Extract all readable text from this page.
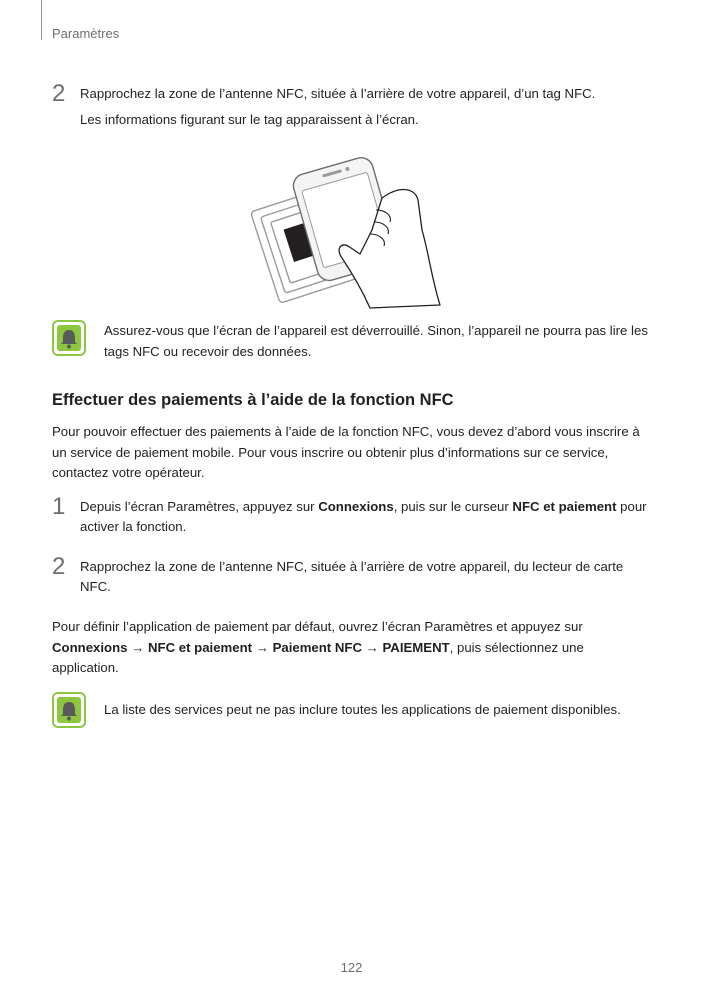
Paramètres
2 Rapprochez la zone de l’antenne NFC, située à l’arrière de votre appareil, d’un tag NFC.

Les informations figurant sur le tag apparaissent à l’écran.

Assurez-vous que l’écran de l’appareil est déverrouillé. Sinon, l’appareil ne pourra pas lire les tags NFC ou recevoir des données.
Effectuer des paiements à l’aide de la fonction NFC
Pour pouvoir effectuer des paiements à l’aide de la fonction NFC, vous devez d’abord vous inscrire à un service de paiement mobile. Pour vous inscrire ou obtenir plus d’informations sur ce service, contactez votre opérateur.
1 Depuis l’écran Paramètres, appuyez sur Connexions, puis sur le curseur NFC et paiement pour activer la fonction.
2 Rapprochez la zone de l’antenne NFC, située à l’arrière de votre appareil, du lecteur de carte NFC.
Pour définir l’application de paiement par défaut, ouvrez l’écran Paramètres et appuyez sur Connexions → NFC et paiement → Paiement NFC → PAIEMENT, puis sélectionnez une application.
La liste des services peut ne pas inclure toutes les applications de paiement disponibles.
122
